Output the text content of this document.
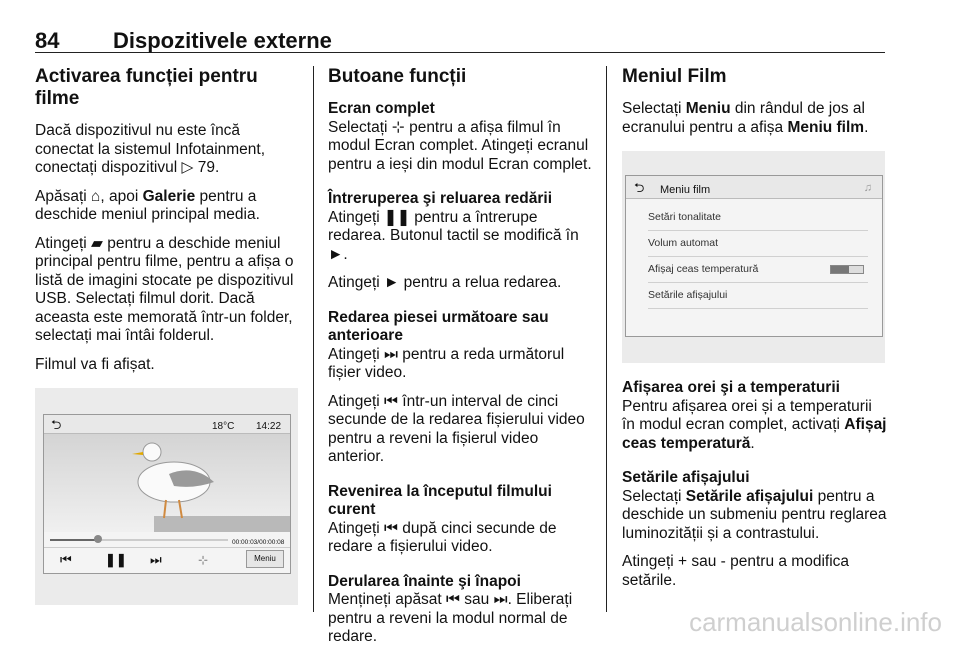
84 Dispozitivele externe
Activarea funcției pentru filme

Dacă dispozitivul nu este încă conectat la sistemul Infotainment, conectați dispozitivul ▷ 79.

Apăsați ⌂, apoi Galerie pentru a deschide meniul principal media.

Atingeți ▰ pentru a deschide meniul principal pentru filme, pentru a afișa o listă de imagini stocate pe dispozitivul USB. Selectați filmul dorit. Dacă aceasta este memorată într-un folder, selectați mai întâi folderul.

Filmul va fi afișat.

⮌	18°C 14:22
00:00:03/00:00:08
⏮	❚❚ ⏭	⊹	Meniu
Butoane funcții
Ecran complet

Selectați ⊹ pentru a afișa filmul în modul Ecran complet. Atingeți ecranul pentru a ieși din modul Ecran complet.

Întreruperea şi reluarea redării

Atingeți ❚❚ pentru a întrerupe redarea. Butonul tactil se modifică în ►.

Atingeți ► pentru a relua redarea.

Redarea piesei următoare sau anterioare

Atingeți ⏭ pentru a reda următorul fișier video.

Atingeți ⏮ într-un interval de cinci secunde de la redarea fișierului video pentru a reveni la fișierul video anterior.

Revenirea la începutul filmului curent

Atingeți ⏮ după cinci secunde de redare a fișierului video.

Derularea înainte şi înapoi

Mențineți apăsat ⏮ sau ⏭. Eliberați pentru a reveni la modul normal de redare.

Meniul Film

Selectați Meniu din rândul de jos al ecranului pentru a afișa Meniu film.

⮌ Meniu film	♫
Setări tonalitate
Volum automat
Afișaj ceas temperatură
Setările afișajului
Afișarea orei şi a temperaturii

Pentru afișarea orei și a temperaturii în modul ecran complet, activați Afișaj ceas temperatură.

Setările afișajului

Selectați Setările afișajului pentru a deschide un submeniu pentru reglarea luminozității și a contrastului.

Atingeți + sau - pentru a modifica setările.

carmanualsonline.info
